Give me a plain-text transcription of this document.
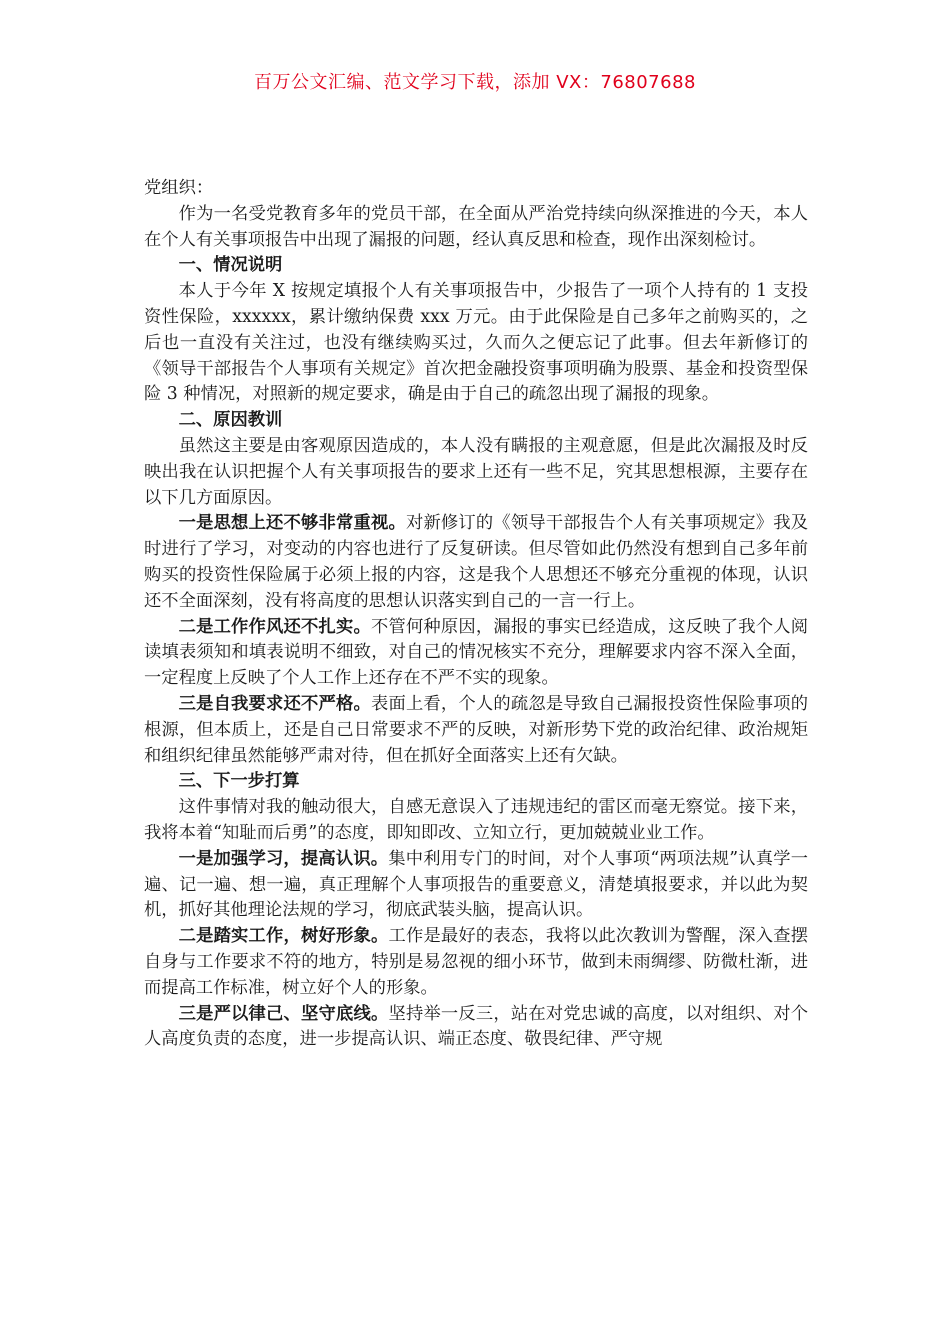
百万公文汇编、范文学习下载，添加 VX：76807688

党组织：

作为一名受党教育多年的党员干部，在全面从严治党持续向纵深推进的今天，本人在个人有关事项报告中出现了漏报的问题，经认真反思和检查，现作出深刻检讨。

一、情况说明

本人于今年 X 按规定填报个人有关事项报告中，少报告了一项个人持有的 1 支投资性保险，xxxxxx，累计缴纳保费 xxx 万元。由于此保险是自己多年之前购买的，之后也一直没有关注过，也没有继续购买过，久而久之便忘记了此事。但去年新修订的《领导干部报告个人事项有关规定》首次把金融投资事项明确为股票、基金和投资型保险 3 种情况，对照新的规定要求，确是由于自己的疏忽出现了漏报的现象。

二、原因教训

虽然这主要是由客观原因造成的，本人没有瞒报的主观意愿，但是此次漏报及时反映出我在认识把握个人有关事项报告的要求上还有一些不足，究其思想根源，主要存在以下几方面原因。

一是思想上还不够非常重视。对新修订的《领导干部报告个人有关事项规定》我及时进行了学习，对变动的内容也进行了反复研读。但尽管如此仍然没有想到自己多年前购买的投资性保险属于必须上报的内容，这是我个人思想还不够充分重视的体现，认识还不全面深刻，没有将高度的思想认识落实到自己的一言一行上。

二是工作作风还不扎实。不管何种原因，漏报的事实已经造成，这反映了我个人阅读填表须知和填表说明不细致，对自己的情况核实不充分，理解要求内容不深入全面，一定程度上反映了个人工作上还存在不严不实的现象。

三是自我要求还不严格。表面上看，个人的疏忽是导致自己漏报投资性保险事项的根源，但本质上，还是自己日常要求不严的反映，对新形势下党的政治纪律、政治规矩和组织纪律虽然能够严肃对待，但在抓好全面落实上还有欠缺。

三、下一步打算

这件事情对我的触动很大，自感无意误入了违规违纪的雷区而毫无察觉。接下来，我将本着“知耻而后勇”的态度，即知即改、立知立行，更加兢兢业业工作。

一是加强学习，提高认识。集中利用专门的时间，对个人事项“两项法规”认真学一遍、记一遍、想一遍，真正理解个人事项报告的重要意义，清楚填报要求，并以此为契机，抓好其他理论法规的学习，彻底武装头脑，提高认识。

二是踏实工作，树好形象。工作是最好的表态，我将以此次教训为警醒，深入查摆自身与工作要求不符的地方，特别是易忽视的细小环节，做到未雨绸缪、防微杜渐，进而提高工作标准，树立好个人的形象。

三是严以律己、坚守底线。坚持举一反三，站在对党忠诚的高度，以对组织、对个人高度负责的态度，进一步提高认识、端正态度、敬畏纪律、严守规
